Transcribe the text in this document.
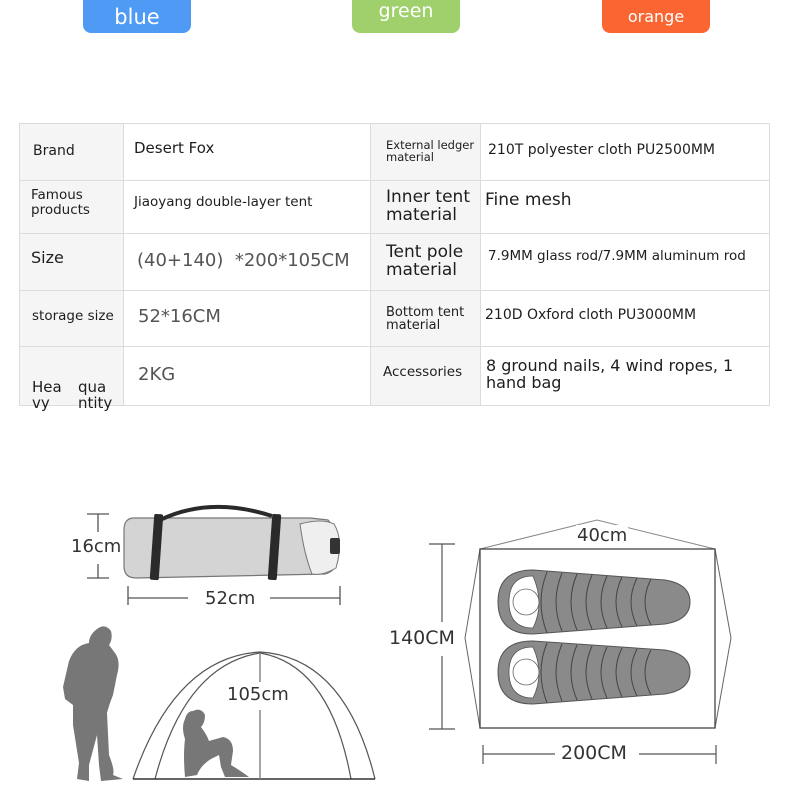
blue	green	orange
Brand	Desert Fox	External ledger material	210T polyester cloth PU2500MM

Famous products	Jiaoyang double-layer tent	Inner tent material	Fine mesh

Size	(40+140)  *200*105CM	Tent pole material	7.9MM glass rod/7.9MM aluminum rod

storage size	52*16CM	Bottom tent material	210D Oxford cloth PU3000MM

Hea
vy
qua
ntity	2KG	Accessories	8 ground nails, 4 wind ropes, 1 hand bag
16cm
52cm
105cm
40cm
140CM
200CM
